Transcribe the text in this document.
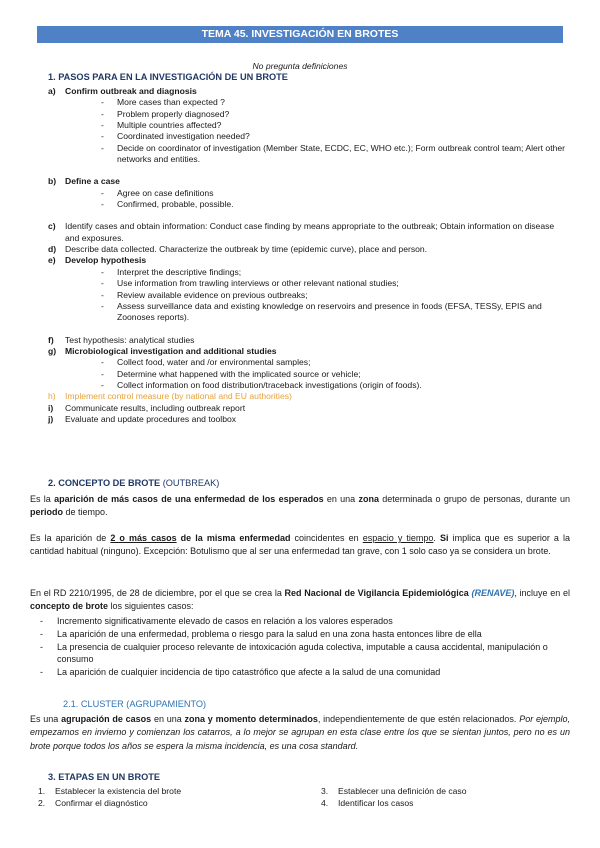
TEMA 45. INVESTIGACIÓN EN BROTES
No pregunta definiciones
1. PASOS PARA EN LA INVESTIGACIÓN DE UN BROTE
a)	Confirm outbreak and diagnosis
-	More cases than expected ?
-	Problem properly diagnosed?
-	Multiple countries affected?
-	Coordinated investigation needed?
-	Decide on coordinator of investigation (Member State, ECDC, EC, WHO etc.); Form outbreak control team; Alert other networks and entities.
b)	Define a case
-	Agree on case definitions
-	Confirmed, probable, possible.
c)	Identify cases and obtain information: Conduct case finding by means appropriate to the outbreak; Obtain information on disease and exposures.
d)	Describe data collected. Characterize the outbreak by time (epidemic curve), place and person.
e)	Develop hypothesis
-	Interpret the descriptive findings;
-	Use information from trawling interviews or other relevant national studies;
-	Review available evidence on previous outbreaks;
-	Assess surveillance data and existing knowledge on reservoirs and presence in foods (EFSA, TESSy, EPIS and Zoonoses reports).
f)	Test hypothesis: analytical studies
g)	Microbiological investigation and additional studies
-	Collect food, water and /or environmental samples;
-	Determine what happened with the implicated source or vehicle;
-	Collect information on food distribution/traceback investigations (origin of foods).
h)	Implement control measure (by national and EU authorities)
i)	Communicate results, including outbreak report
j)	Evaluate and update procedures and toolbox
2. CONCEPTO DE BROTE (OUTBREAK)
Es la aparición de más casos de una enfermedad de los esperados en una zona determinada o grupo de personas, durante un periodo de tiempo.
Es la aparición de 2 o más casos de la misma enfermedad coincidentes en espacio y tiempo. Si implica que es superior a la cantidad habitual (ninguno). Excepción: Botulismo que al ser una enfermedad tan grave, con 1 solo caso ya se considera un brote.
En el RD 2210/1995, de 28 de diciembre, por el que se crea la Red Nacional de Vigilancia Epidemiológica (RENAVE), incluye en el concepto de brote los siguientes casos:
-	Incremento significativamente elevado de casos en relación a los valores esperados
-	La aparición de una enfermedad, problema o riesgo para la salud en una zona hasta entonces libre de ella
-	La presencia de cualquier proceso relevante de intoxicación aguda colectiva, imputable a causa accidental, manipulación o consumo
-	La aparición de cualquier incidencia de tipo catastrófico que afecte a la salud de una comunidad
2.1. CLUSTER (AGRUPAMIENTO)
Es una agrupación de casos en una zona y momento determinados, independientemente de que estén relacionados. Por ejemplo, empezamos en invierno y comienzan los catarros, a lo mejor se agrupan en esta clase entre los que se sientan juntos, pero no es un brote porque todos los años se espera la misma incidencia, es una cosa standard.
3. ETAPAS EN UN BROTE
1.	Establecer la existencia del brote
2.	Confirmar el diagnóstico
3.	Establecer una definición de caso
4.	Identificar los casos
